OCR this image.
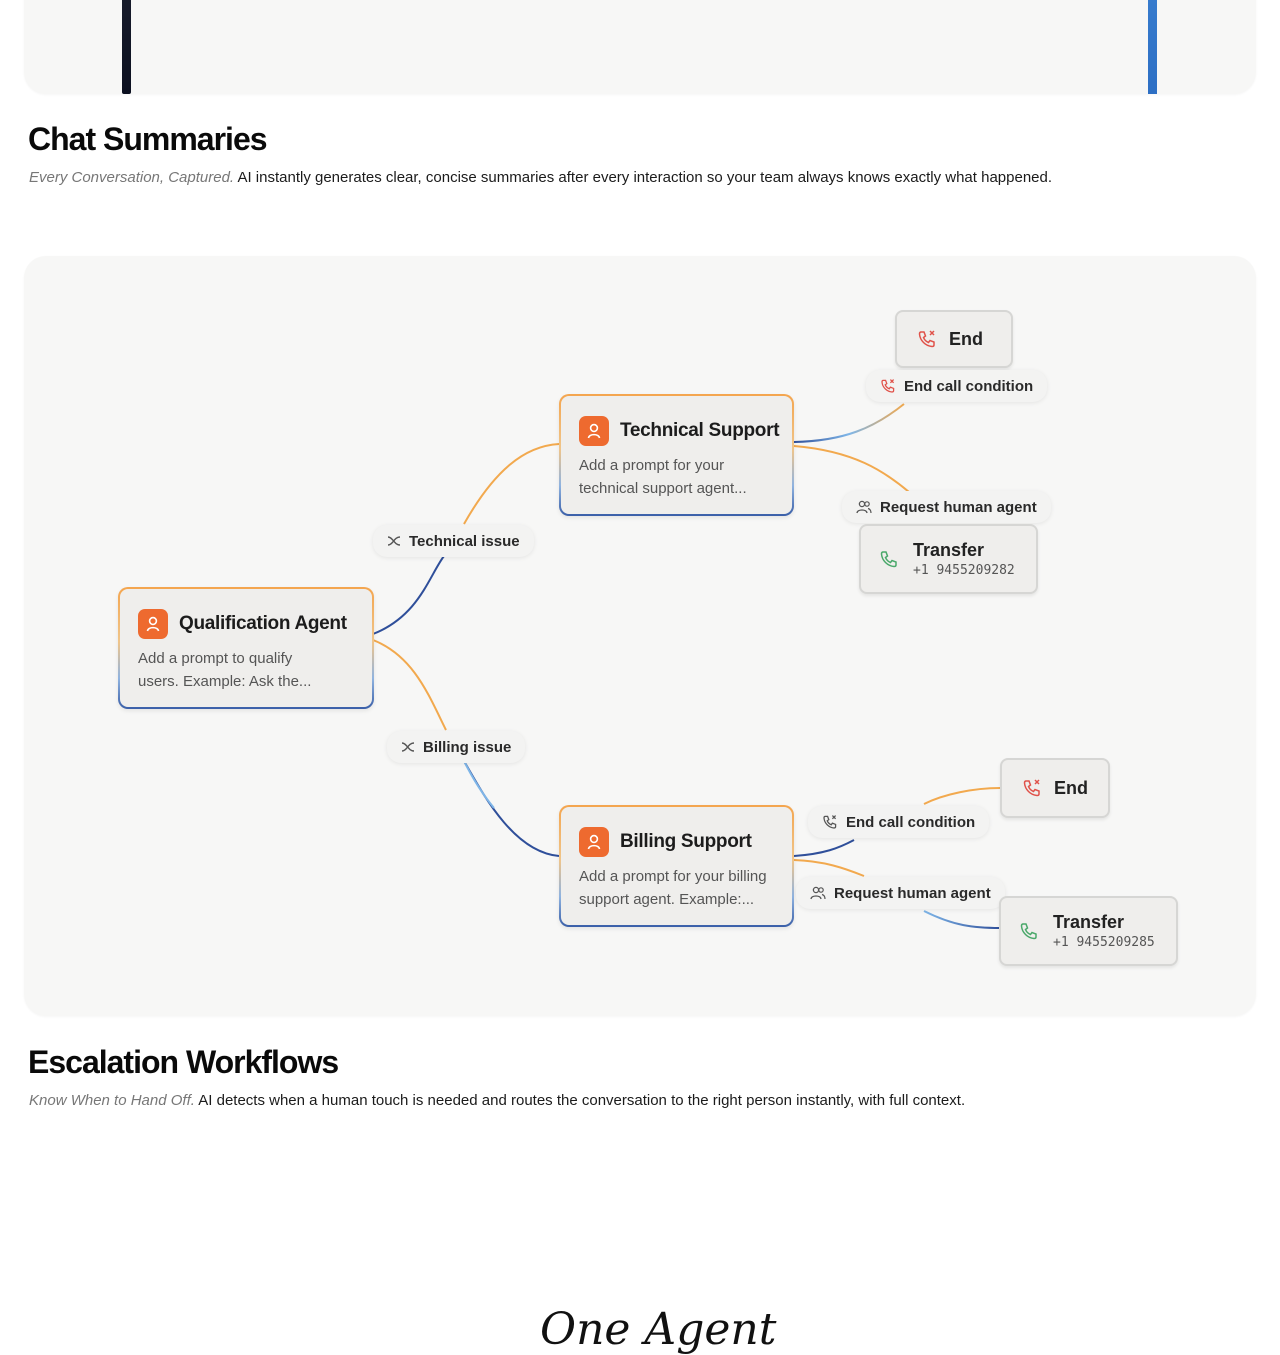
Chat Summaries

Every Conversation, Captured. AI instantly generates clear, concise summaries after every interaction so your team always knows exactly what happened.

Qualification Agent
Add a prompt to qualify
users. Example: Ask the...
Technical issue
Billing issue
Technical Support
Add a prompt for your
technical support agent...
Billing Support
Add a prompt for your billing
support agent. Example:...
End
End call condition
Request human agent
Transfer
+1 9455209282
End
End call condition
Request human agent
Transfer
+1 9455209285
Escalation Workflows

Know When to Hand Off. AI detects when a human touch is needed and routes the conversation to the right person instantly, with full context.

One Agent
